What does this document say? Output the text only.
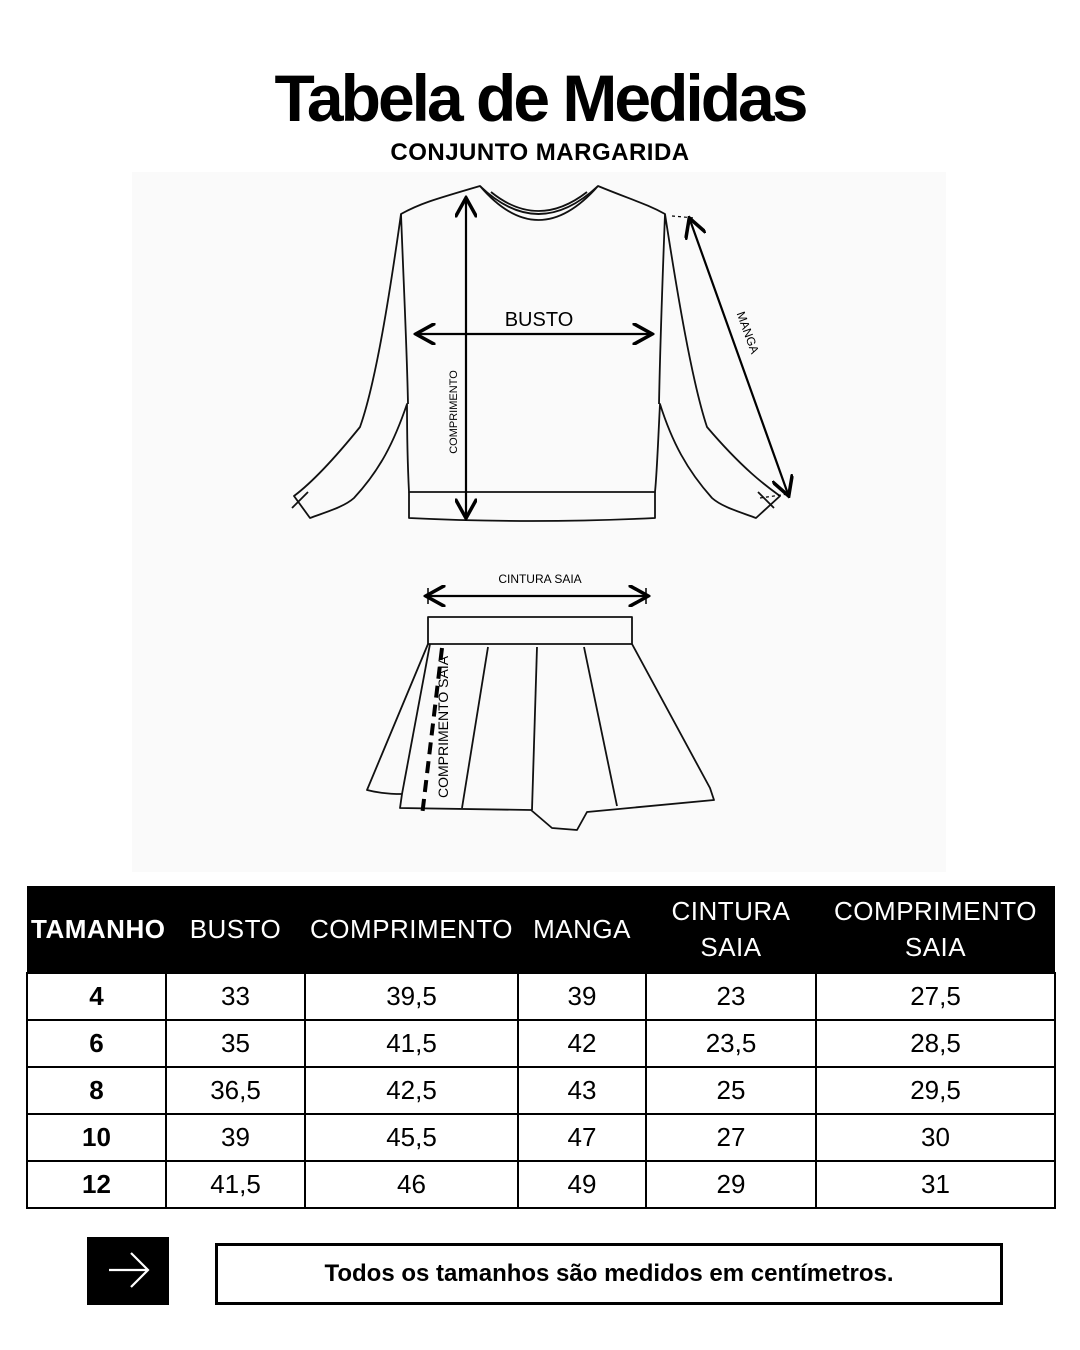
Tabela de Medidas
CONJUNTO MARGARIDA
BUSTO
COMPRIMENTO
MANGA
CINTURA SAIA
COMPRIMENTO SAIA
TAMANHO	BUSTO	COMPRIMENTO	MANGA	CINTURA SAIA	COMPRIMENTO SAIA

4	33	39,5	39	23	27,5
6	35	41,5	42	23,5	28,5
8	36,5	42,5	43	25	29,5
10	39	45,5	47	27	30
12	41,5	46	49	29	31
Todos os tamanhos são medidos em centímetros.
